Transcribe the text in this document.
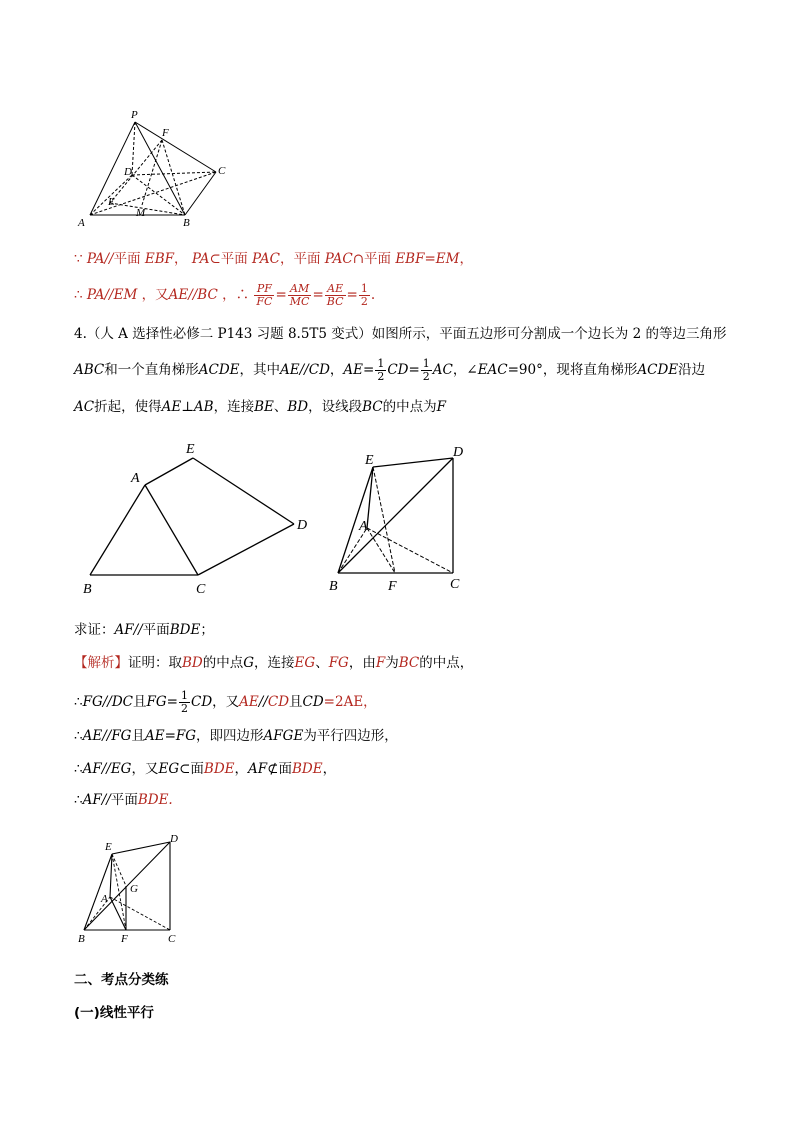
P
F
D	C
E
M
A	B
∵ PA//平面 EBF， PA⊂平面 PAC，平面 PAC∩平面 EBF=EM，
∴ PA//EM ，又AE//BC ，∴ $\frac{PF}{FC} = \frac{AM}{MC} = \frac{AE}{BC} = \frac{1}{2}$ .
4.（人 A 选择性必修二 P143 习题 8.5T5 变式）如图所示，平面五边形可分割成一个边长为 2 的等边三角形
ABC和一个直角梯形ACDE，其中AE//CD，$AE= \frac{1}{2} CD= \frac{1}{2}$ AC，∠EAC=90°，现将直角梯形ACDE沿边
AC折起，使得AE⊥AB，连接BE、BD，设线段BC的中点为F
E
A
D
B	C
E
D
A
B	F	C
求证：AF//平面BDE；
【解析】证明：取BD的中点G，连接EG、FG，由F为BC的中点，
∴FG//DC且$FG= \frac{1}{2}$ CD，又AE//CD且CD=2AE，
∴AE//FG且AE=FG，即四边形AFGE为平行四边形，
∴AF//EG，又EG⊂面BDE，AF⊄面BDE，
∴AF//平面BDE.
E
D
G
A
B	F	C
二、考点分类练
(一)线性平行
